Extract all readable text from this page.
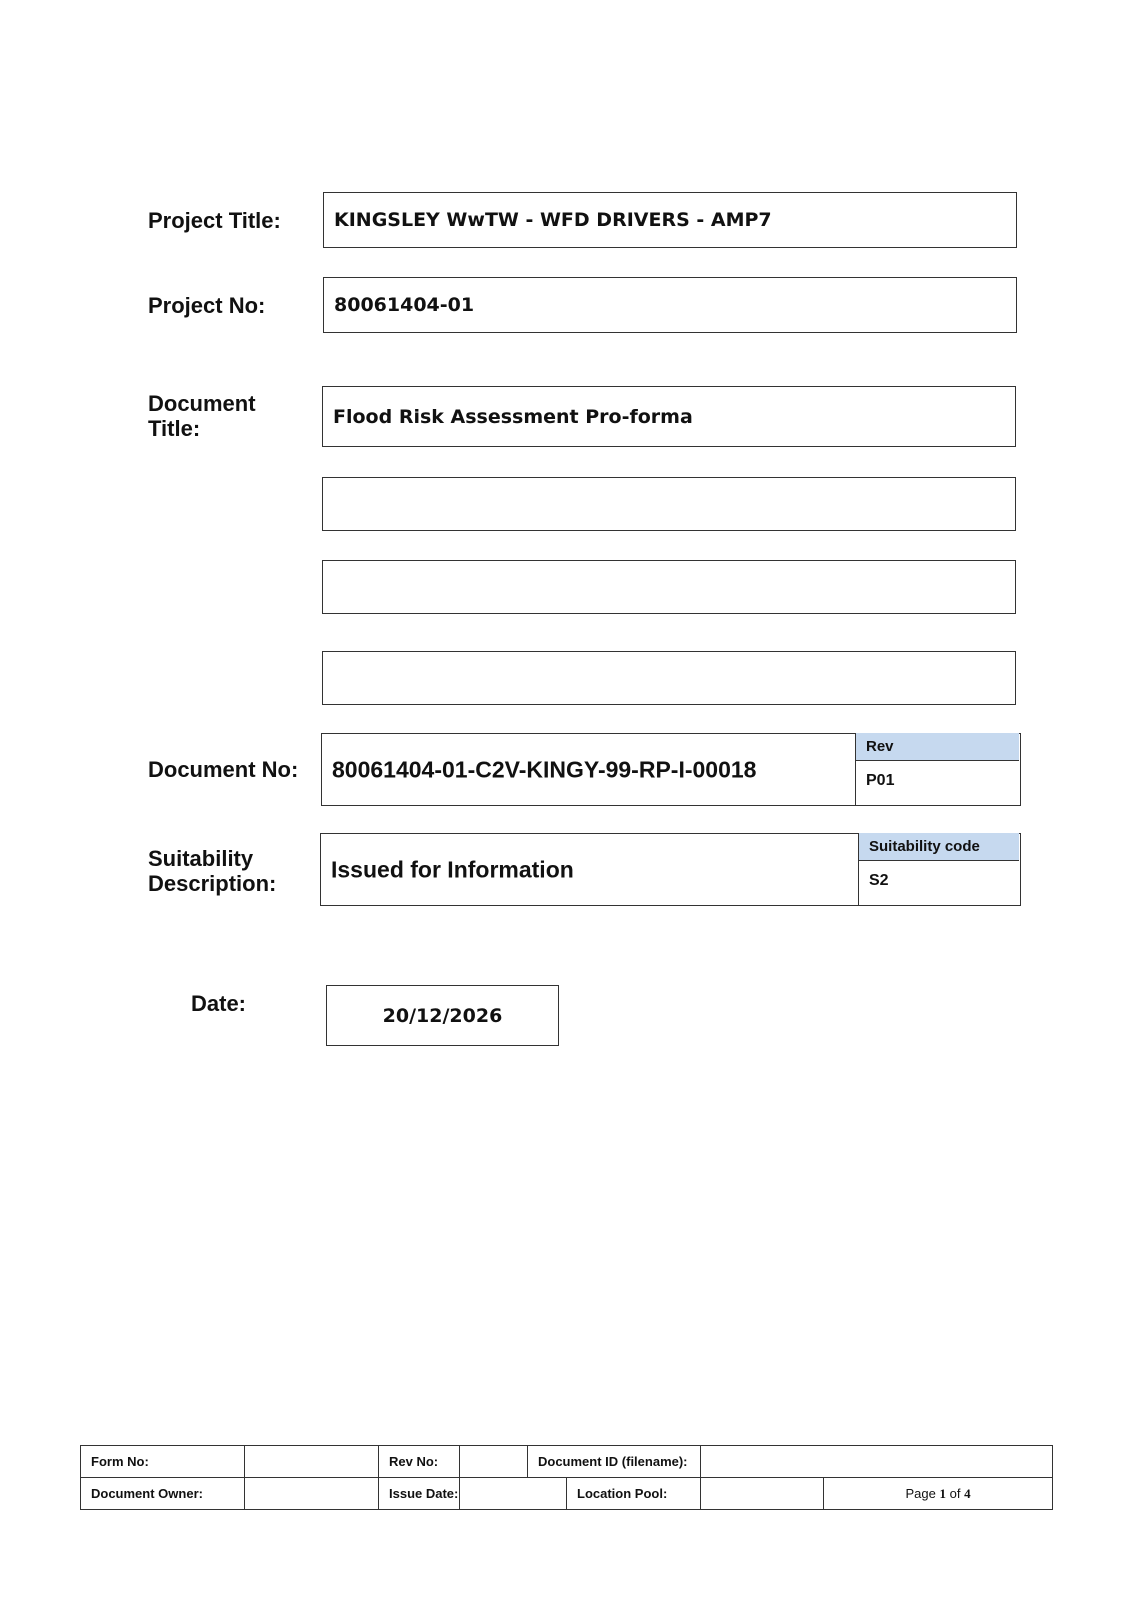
Project Title:	KINGSLEY WwTW - WFD DRIVERS - AMP7
Project No:	80061404-01
Document
Title:	Flood Risk Assessment Pro-forma
Document No: 80061404-01-C2V-KINGY-99-RP-I-00018
Rev
P01
Suitability
Description:
Issued for Information
Suitability code
S2
Date:	20/12/2026
Form No:		Rev No:		Document ID (filename):			
Document Owner:		Issue Date:			Location Pool:		Page 1 of 4
